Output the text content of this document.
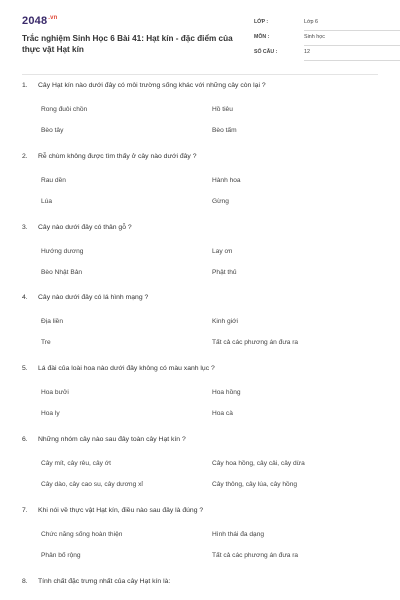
$2048^{.vn}$
Trắc nghiệm Sinh Học 6 Bài 41: Hạt kín - đặc điểm của thực vật Hạt kín
LỚP :	Lớp 6
MÔN :	Sinh học
SỐ CÂU :	12
1. Cây Hạt kín nào dưới đây có môi trường sống khác với những cây còn lại ?
Rong đuôi chồn	Hồ tiêu
Bèo tây	Bèo tấm
2. Rễ chùm không được tìm thấy ở cây nào dưới đây ?
Rau dền	Hành hoa
Lúa	Gừng
3. Cây nào dưới đây có thân gỗ ?
Hướng dương	Lay ơn
Bèo Nhật Bản	Phật thủ
4. Cây nào dưới đây có lá hình mạng ?
Địa liền	Kinh giới
Tre	Tất cả các phương án đưa ra
5. Lá đài của loài hoa nào dưới đây không có màu xanh lục ?
Hoa bưởi	Hoa hồng
Hoa ly	Hoa cà
6. Những nhóm cây nào sau đây toàn cây Hạt kín ?
Cây mít, cây rêu, cây ớt	Cây hoa hồng, cây cải, cây dừa
Cây dào, cây cao su, cây dương xỉ	Cây thông, cây lúa, cây hồng
7. Khi nói về thực vật Hạt kín, điều nào sau đây là đúng ?
Chức năng sống hoàn thiện	Hình thái đa dạng
Phân bố rộng	Tất cả các phương án đưa ra
8. Tính chất đặc trưng nhất của cây Hạt kín là:
